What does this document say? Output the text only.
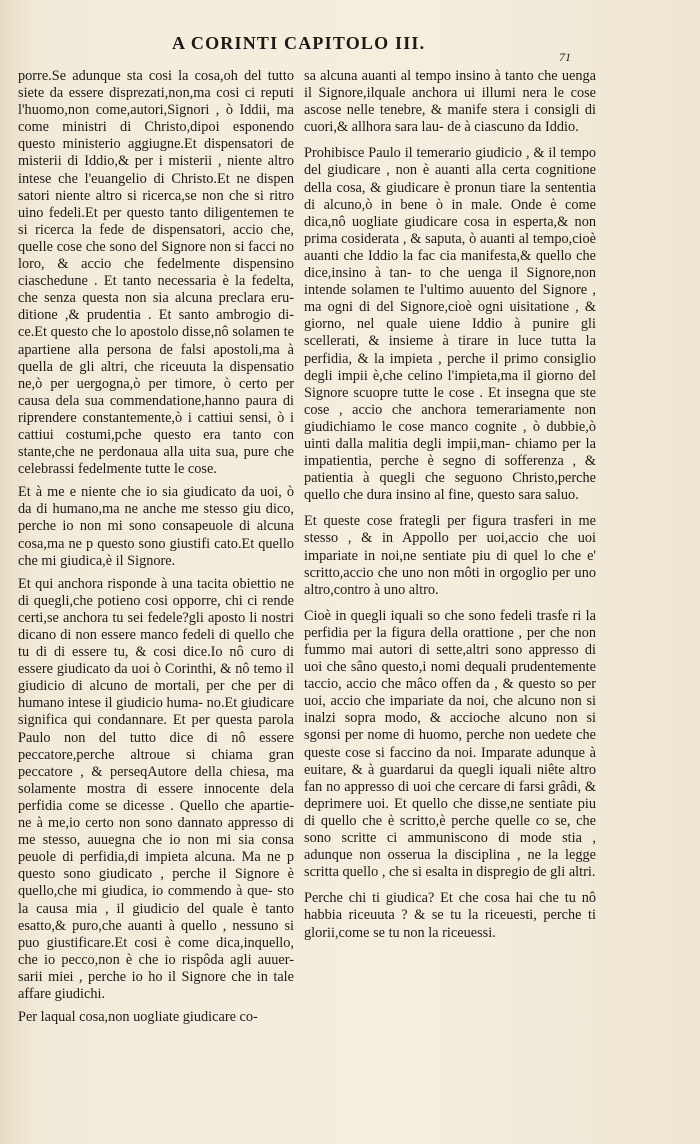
A CORINTI CAPITOLO III.
71

porre.Se adunque sta cosi la cosa,oh del tutto siete da essere disprezati,non,ma cosi ci reputi l'huomo,non come,autori,Signori , ò Iddii, ma come ministri di Christo,dipoi esponendo questo ministerio aggiugne.Et dispensatori de misterii di Iddio,& per i misterii , niente altro intese che l'euangelio di Christo.Et ne dispen satori niente altro si ricerca,se non che si ritro uino fedeli.Et per questo tanto diligentemen te si ricerca la fede de dispensatori, accio che, quelle cose che sono del Signore non si facci no loro, & accio che fedelmente dispensino ciaschedune . Et tanto necessaria è la fedelta, che senza questa non sia alcuna preclara eru- ditione ,& prudentia . Et santo ambrogio di- ce.Et questo che lo apostolo disse,nô solamen te apartiene alla persona de falsi apostoli,ma à quella de gli altri, che riceuuta la dispensatio ne,ò per uergogna,ò per timore, ò certo per causa dela sua commendatione,hanno paura di riprendere constantemente,ò i cattiui sensi, ò i cattiui costumi,pche questo era tanto con stante,che ne perdonaua alla uita sua, pure che celebrassi fedelmente tutte le cose.

Et à me e niente che io sia giudicato da uoi, ò da di humano,ma ne anche me stesso giu dico, perche io non mi sono consapeuole di alcuna cosa,ma ne p questo sono giustifi cato.Et quello che mi giudica,è il Signore.

Et qui anchora risponde à una tacita obiettio ne di quegli,che potieno cosi opporre, chi ci rende certi,se anchora tu sei fedele?gli aposto li nostri dicano di non essere manco fedeli di quello che tu di di essere tu, & cosi dice.Io nô curo di essere giudicato da uoi ò Corinthi, & nô temo il giudicio di alcuno de mortali, per che per di humano intese il giudicio huma- no.Et giudicare significa qui condannare. Et per questa parola Paulo non del tutto dice di nô essere peccatore,perche altroue si chiama gran peccatore , & perseqAutore della chiesa, ma solamente mostra di essere innocente dela perfidia come se dicesse . Quello che apartie- ne à me,io certo non sono dannato appresso di me stesso, auuegna che io non mi sia consa peuole di perfidia,di impieta alcuna. Ma ne p questo sono giudicato , perche il Signore è quello,che mi giudica, io commendo à que- sto la causa mia , il giudicio del quale è tanto esatto,& puro,che auanti à quello , nessuno si puo giustificare.Et cosi è come dica,inquello, che io pecco,non è che io rispôda agli auuer- sarii miei , perche io ho il Signore che in tale affare giudichi.

Per laqual cosa,non uogliate giudicare co-

sa alcuna auanti al tempo insino à tanto che uenga il Signore,ilquale anchora ui illumi nera le cose ascose nelle tenebre, & manife stera i consigli di cuori,& allhora sara lau- de à ciascuno da Iddio.

Prohibisce Paulo il temerario giudicio , & il tempo del giudicare , non è auanti alla certa cognitione della cosa, & giudicare è pronun tiare la sententia di alcuno,ò in bene ò in male. Onde è come dica,nô uogliate giudicare cosa in esperta,& non prima cosiderata , & saputa, ò auanti al tempo,cioè auanti che Iddio la fac cia manifesta,& quello che dice,insino à tan- to che uenga il Signore,non intende solamen te l'ultimo auuento del Signore , ma ogni di del Signore,cioè ogni uisitatione , & giorno, nel quale uiene Iddio à punire gli scellerati, & insieme à tirare in luce tutta la perfidia, & la impieta , perche il primo consiglio degli impii è,che celino l'impieta,ma il giorno del Signore scuopre tutte le cose . Et insegna que ste cose , accio che anchora temerariamente non giudichiamo le cose manco cognite , ò dubbie,ò uinti dalla malitia degli impii,man- chiamo per la impatientia, perche è segno di sofferenza , & patientia à quegli che seguono Christo,perche quello che dura insino al fine, questo sara saluo.

Et queste cose frategli per figura trasferi in me stesso , & in Appollo per uoi,accio che uoi impariate in noi,ne sentiate piu di quel lo che e' scritto,accio che uno non môti in orgoglio per uno altro,contro à uno altro.

Cioè in quegli iquali so che sono fedeli trasfe ri la perfidia per la figura della orattione , per che non fummo mai autori di sette,altri sono appresso di uoi che sâno questo,i nomi dequali prudentemente taccio, accio che mâco offen da , & questo so per uoi, accio che impariate da noi, che alcuno non si inalzi sopra modo, & accioche alcuno non si sgonsi per nome di huomo, perche non uedete che queste cose si faccino da noi. Imparate adunque à euitare, & à guardarui da quegli iquali niête altro fan no appresso di uoi che cercare di farsi grâdi, & deprimere uoi. Et quello che disse,ne sentiate piu di quello che è scritto,è perche quelle co se, che sono scritte ci ammuniscono di mode stia , adunque non osserua la disciplina , ne la legge scritta quello , che si esalta in dispregio de gli altri.

Perche chi ti giudica? Et che cosa hai che tu nô habbia riceuuta ? & se tu la riceuesti, perche ti glorii,come se tu non la riceuessi.
